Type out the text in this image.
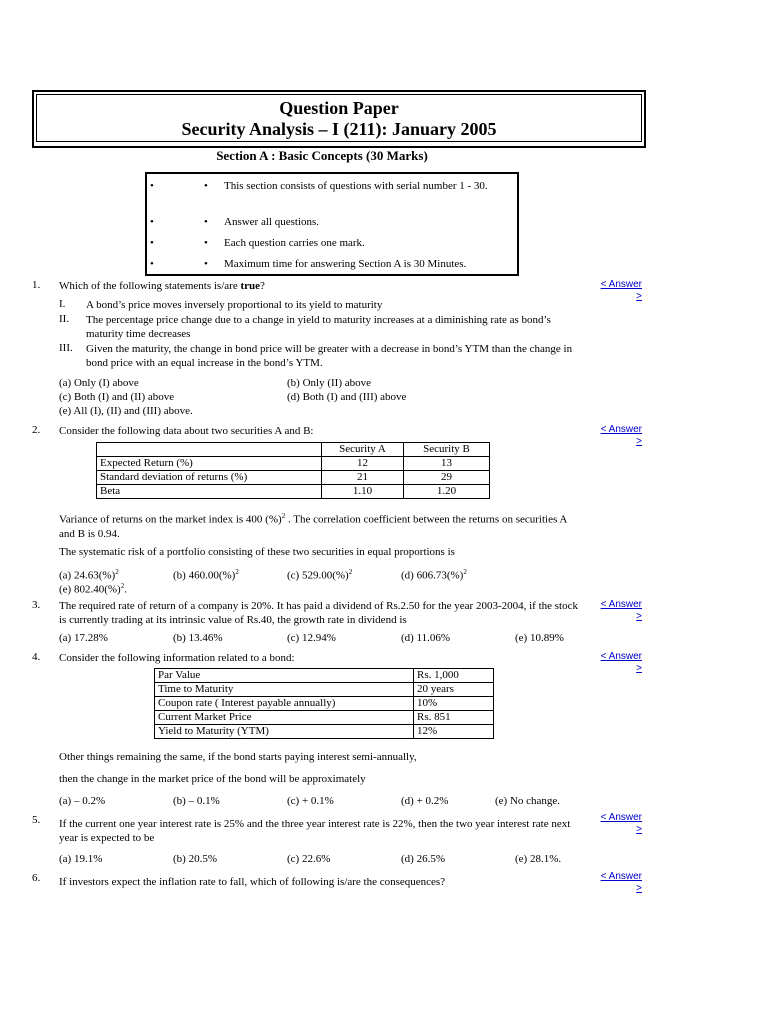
Question Paper
Security Analysis – I (211): January 2005
Section A : Basic Concepts (30 Marks)
•	• This section consists of questions with serial number 1 - 30.
•	• Answer all questions.
•	• Each question carries one mark.
•	• Maximum time for answering Section A is 30 Minutes.
1. Which of the following statements is/are true?	< Answer
>
I. A bond’s price moves inversely proportional to its yield to maturity
II. The percentage price change due to a change in yield to maturity increases at a diminishing rate as bond’s maturity time decreases
III. Given the maturity, the change in bond price will be greater with a decrease in bond’s YTM than the change in bond price with an equal increase in the bond’s YTM.
(a) Only (I) above	(b) Only (II) above
(c) Both (I) and (II) above	(d) Both (I) and (III) above
(e) All (I), (II) and (III) above.
2. Consider the following data about two securities A and B:	< Answer
>
	Security A	Security B
Expected Return (%)	12	13
Standard deviation of returns (%)	21	29
Beta	1.10	1.20
Variance of returns on the market index is 400 (%)$^2$ . The correlation coefficient between the returns on securities A and B is 0.94.
The systematic risk of a portfolio consisting of these two securities in equal proportions is
(a) 24.63(%)$^2$	(b) 460.00(%)$^2$	(c) 529.00(%)$^2$	(d) 606.73(%)$^2$
(e) 802.40(%)$^2$.
3. The required rate of return of a company is 20%. It has paid a dividend of Rs.2.50 for the year 2003-2004, if the stock is currently trading at its intrinsic value of Rs.40, the growth rate in dividend is
< Answer
>
(a) 17.28%	(b) 13.46%	(c) 12.94%	(d) 11.06%	(e) 10.89%
4. Consider the following information related to a bond:	< Answer
>
Par Value	Rs. 1,000
Time to Maturity	20 years
Coupon rate ( Interest payable annually)	10%
Current Market Price	Rs. 851
Yield to Maturity (YTM)	12%
Other things remaining the same, if the bond starts paying interest semi-annually,
then the change in the market price of the bond will be approximately
(a) – 0.2%	(b) – 0.1%	(c) + 0.1%	(d) + 0.2%	(e) No change.
5. If the current one year interest rate is 25% and the three year interest rate is 22%, then the two year interest rate next year is expected to be
< Answer
>
(a) 19.1%	(b) 20.5%	(c) 22.6%	(d) 26.5%	(e) 28.1%.
6. If investors expect the inflation rate to fall, which of following is/are the consequences?	< Answer
>
